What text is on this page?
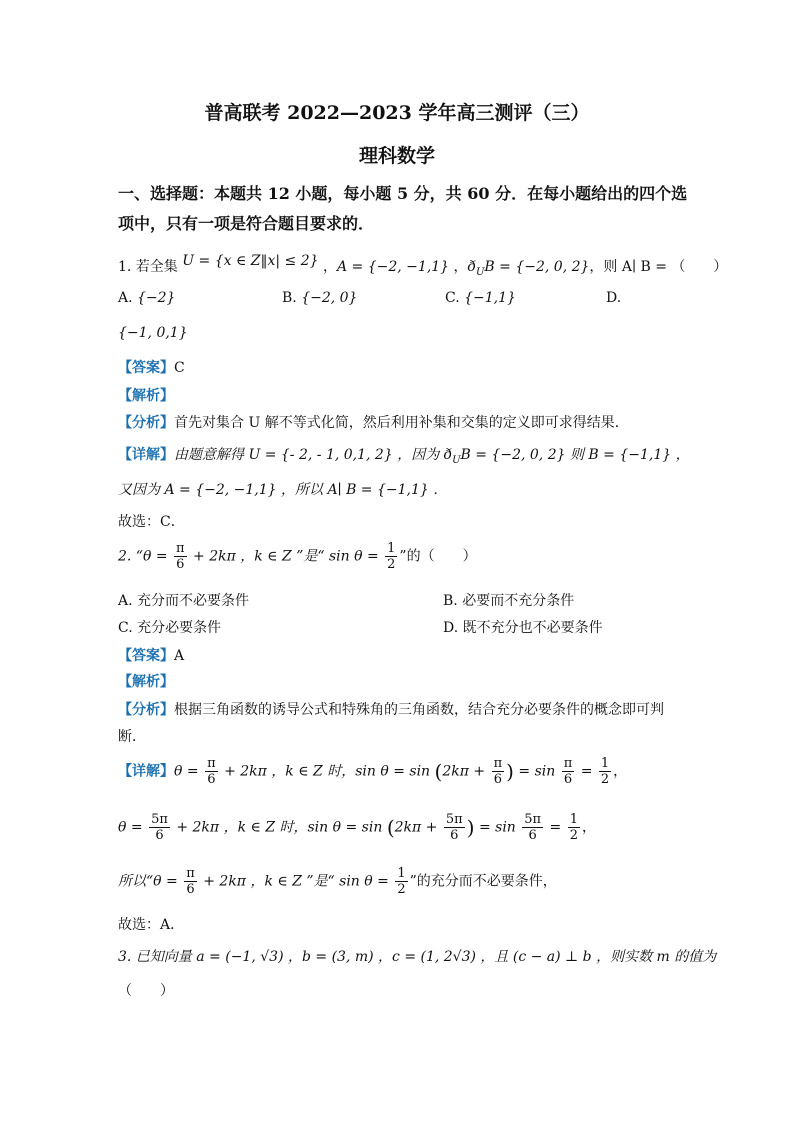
普高联考 2022—2023 学年高三测评（三）
理科数学
一、选择题：本题共 12 小题，每小题 5 分，共 60 分．在每小题给出的四个选
项中，只有一项是符合题目要求的．
1. 若全集 U = {x ∈ Z‖x| ≤ 2} ，A = {−2, −1,1} ，$ð_UB = \{-2$, 0, 2}，则 A∣ B = （　　）
A. {−2}	B. {−2, 0}	C. {−1,1}	D.
{−1, 0,1}
【答案】C
【解析】
【分析】首先对集合 U 解不等式化简，然后利用补集和交集的定义即可求得结果．
【详解】由题意解得 U = {- 2, - 1, 0,1, 2} ，因为 $ð_UB = \{-2$, 0, 2} 则 B = {−1,1} ，
又因为 A = {−2, −1,1} ，所以 A∣ B = {−1,1} ．
故选：C．
2. “$\theta = \frac{\pi}{6} + 2k\pi$ ，k ∈ Z ”是“ $\sin \theta = \frac{1}{2}$ ”的（　　）
A. 充分而不必要条件	B. 必要而不充分条件
C. 充分必要条件	D. 既不充分也不必要条件
【答案】A
【解析】
【分析】根据三角函数的诱导公式和特殊角的三角函数，结合充分必要条件的概念即可判
断．
【详解】$\theta = \frac{\pi}{6} + 2k\pi$ ，k ∈ Z 时，$\sin \theta = \sin (2k\pi + \frac{\pi}{6}$ ) = $\sin \frac{\pi}{6} = \frac{1}{2}$ ，
$\theta = \frac{5\pi}{6} + 2k\pi$ ，k ∈ Z 时，$\sin \theta = \sin (2k\pi + \frac{5\pi}{6}$ ) = $\sin \frac{5\pi}{6} = \frac{1}{2}$ ，
所以“$\theta = \frac{\pi}{6} + 2k\pi$ ，k ∈ Z ”是“ $\sin \theta = \frac{1}{2}$ ”的充分而不必要条件，
故选：A．
3. 已知向量 a = (−1, √3) ，b = (3, m) ，c = (1, 2√3) ，且 (c − a) ⊥ b ，则实数 m 的值为
（　　）
